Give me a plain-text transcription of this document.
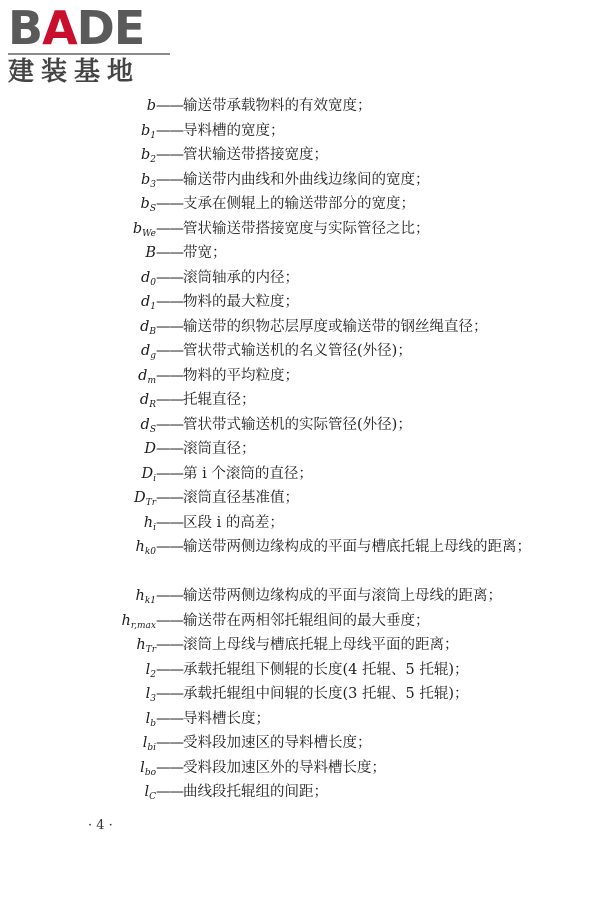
BADE
建装基地
b ——输送带承载物料的有效宽度；
$b_1$ ——导料槽的宽度；
$b_2$ ——管状输送带搭接宽度；
$b_3$ ——输送带内曲线和外曲线边缘间的宽度；
$b_S$ ——支承在侧辊上的输送带部分的宽度；
$b_{We}$ ——管状输送带搭接宽度与实际管径之比；
B ——带宽；
$d_0$ ——滚筒轴承的内径；
$d_1$ ——物料的最大粒度；
$d_B$ ——输送带的织物芯层厚度或输送带的钢丝绳直径；
$d_g$ ——管状带式输送机的名义管径(外径)；
$d_m$ ——物料的平均粒度；
$d_R$ ——托辊直径；
$d_S$ ——管状带式输送机的实际管径(外径)；
D ——滚筒直径；
$D_i$ ——第 i 个滚筒的直径；
$D_{Tr}$ ——滚筒直径基准值；
$h_i$ ——区段 i 的高差；
$h_{k0}$ ——输送带两侧边缘构成的平面与槽底托辊上母线的距离；
$h_{k1}$ ——输送带两侧边缘构成的平面与滚筒上母线的距离；
$h_{r,max}$ ——输送带在两相邻托辊组间的最大垂度；
$h_{Tr}$ ——滚筒上母线与槽底托辊上母线平面的距离；
$l_2$ ——承载托辊组下侧辊的长度(4 托辊、5 托辊)；
$l_3$ ——承载托辊组中间辊的长度(3 托辊、5 托辊)；
$l_b$ ——导料槽长度；
$l_{bi}$ ——受料段加速区的导料槽长度；
$l_{bo}$ ——受料段加速区外的导料槽长度；
$l_C$ ——曲线段托辊组的间距；
· 4 ·
